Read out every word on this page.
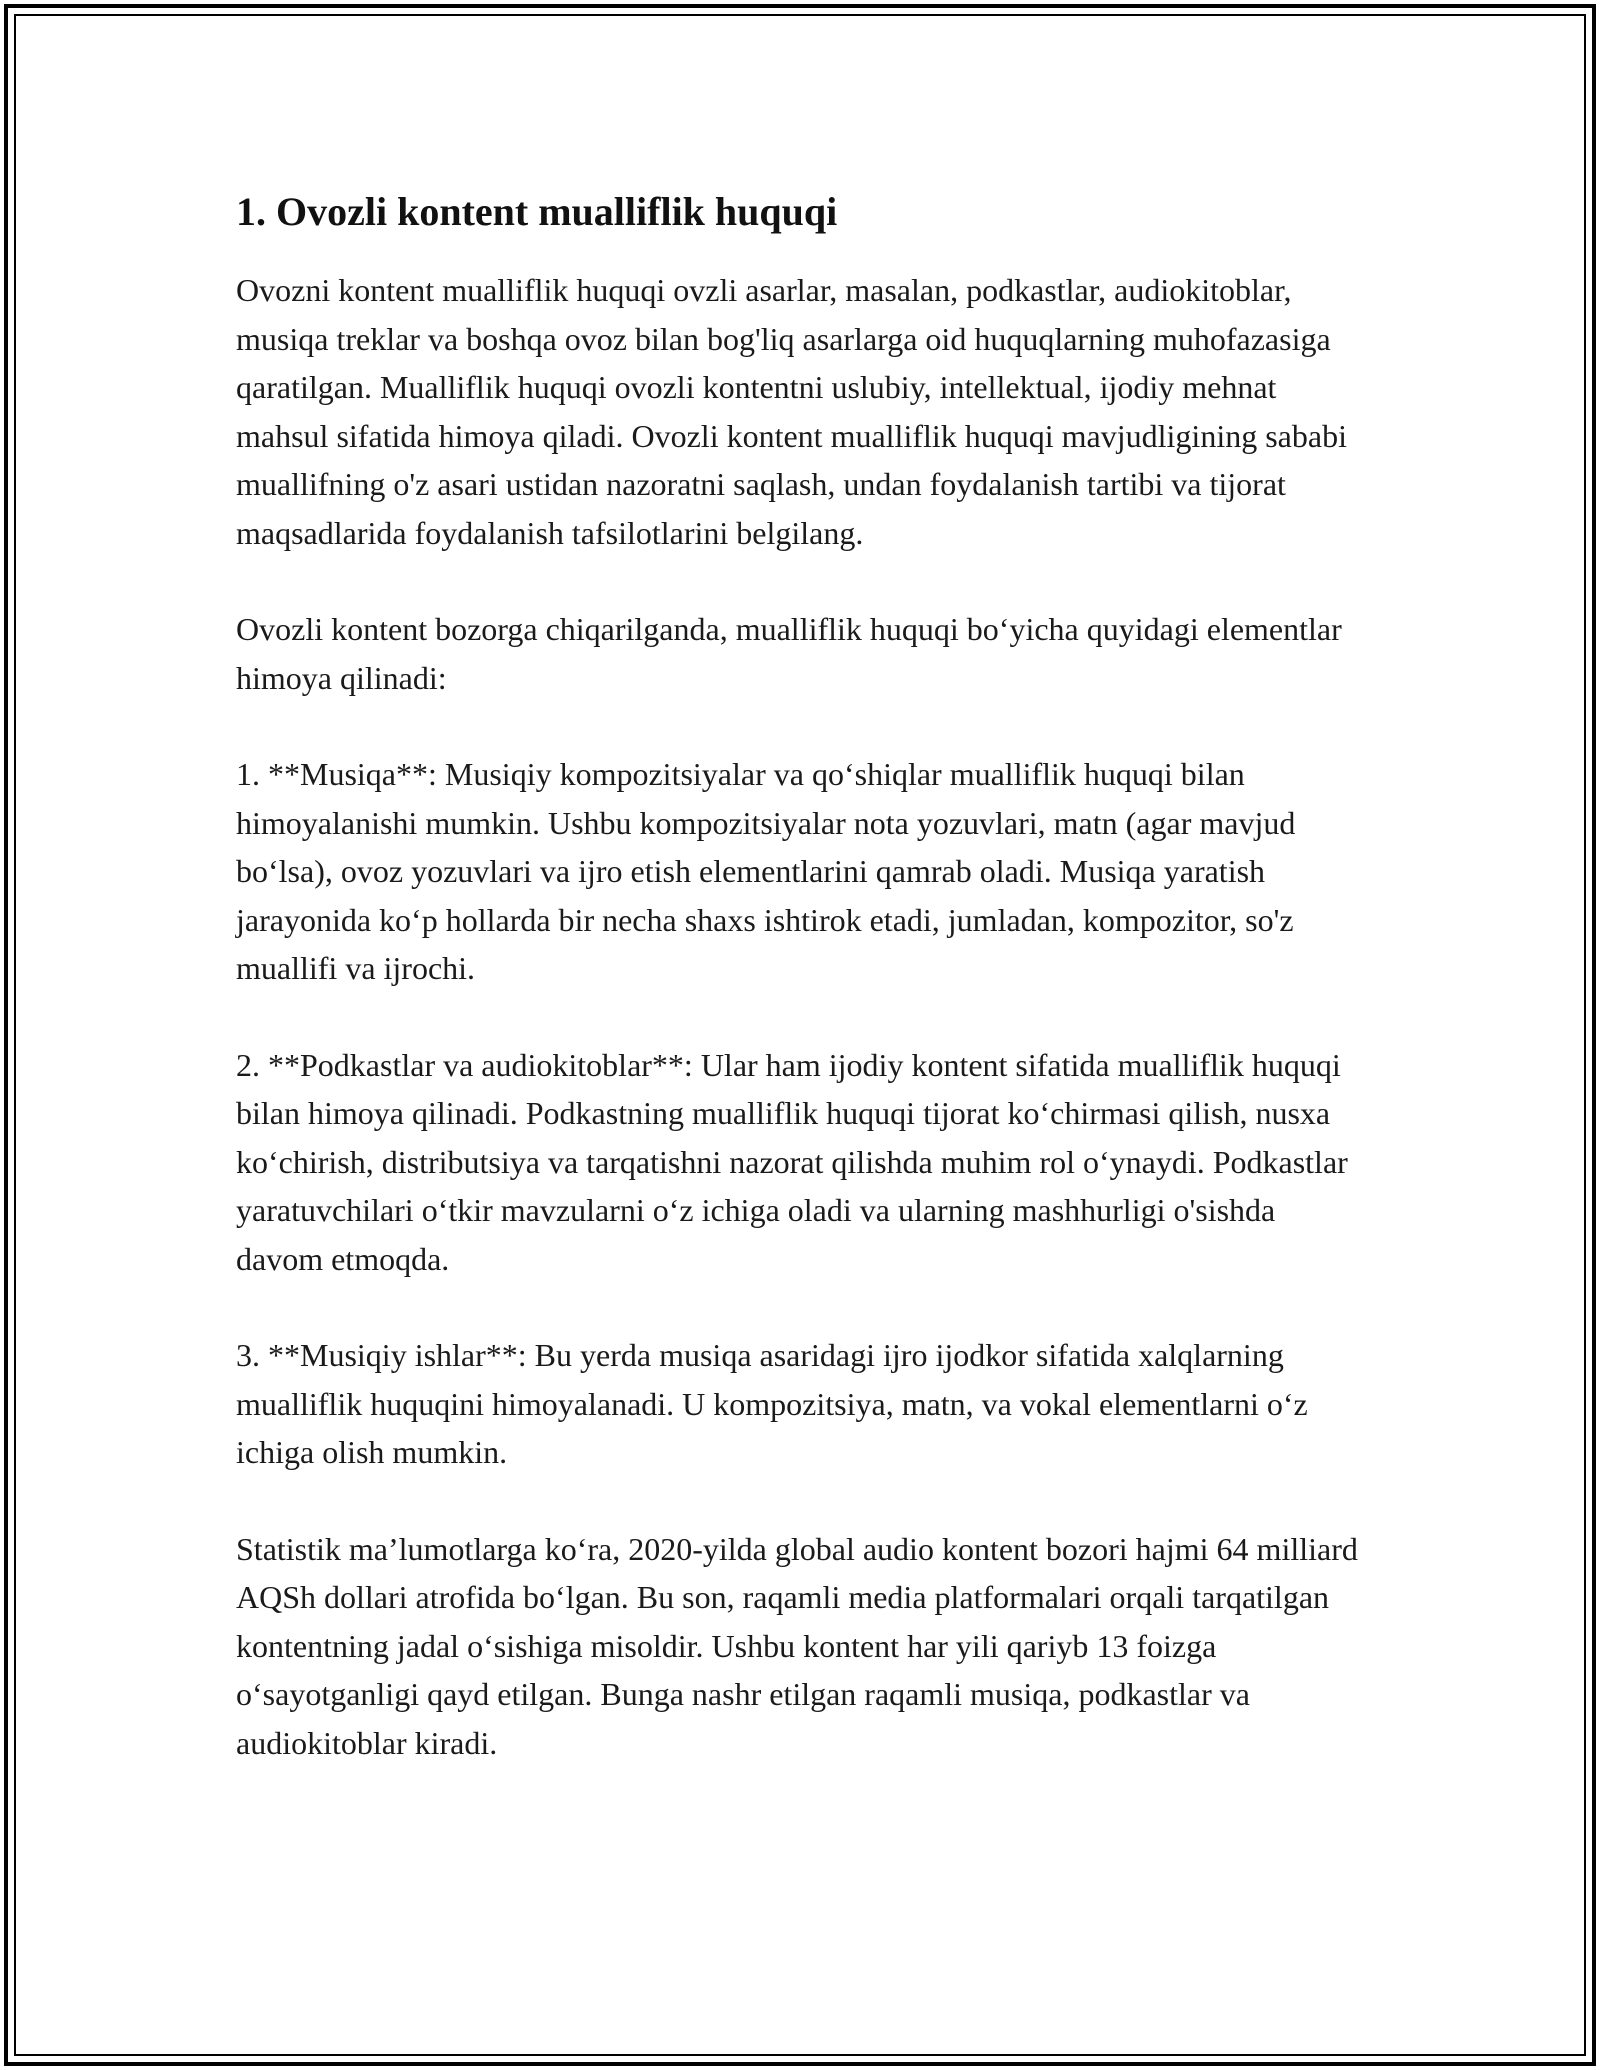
1. Ovozli kontent mualliflik huquqi

Ovozni kontent mualliflik huquqi ovzli asarlar, masalan, podkastlar, audiokitoblar, musiqa treklar va boshqa ovoz bilan bog'liq asarlarga oid huquqlarning muhofazasiga qaratilgan. Mualliflik huquqi ovozli kontentni uslubiy, intellektual, ijodiy mehnat mahsul sifatida himoya qiladi. Ovozli kontent mualliflik huquqi mavjudligining sababi muallifning o'z asari ustidan nazoratni saqlash, undan foydalanish tartibi va tijorat maqsadlarida foydalanish tafsilotlarini belgilang.

Ovozli kontent bozorga chiqarilganda, mualliflik huquqi boʻyicha quyidagi elementlar himoya qilinadi:

1. **Musiqa**: Musiqiy kompozitsiyalar va qoʻshiqlar mualliflik huquqi bilan himoyalanishi mumkin. Ushbu kompozitsiyalar nota yozuvlari, matn (agar mavjud boʻlsa), ovoz yozuvlari va ijro etish elementlarini qamrab oladi. Musiqa yaratish jarayonida koʻp hollarda bir necha shaxs ishtirok etadi, jumladan, kompozitor, so'z muallifi va ijrochi.

2. **Podkastlar va audiokitoblar**: Ular ham ijodiy kontent sifatida mualliflik huquqi bilan himoya qilinadi. Podkastning mualliflik huquqi tijorat koʻchirmasi qilish, nusxa koʻchirish, distributsiya va tarqatishni nazorat qilishda muhim rol oʻynaydi. Podkastlar yaratuvchilari oʻtkir mavzularni oʻz ichiga oladi va ularning mashhurligi o'sishda davom etmoqda.

3. **Musiqiy ishlar**: Bu yerda musiqa asaridagi ijro ijodkor sifatida xalqlarning mualliflik huquqini himoyalanadi. U kompozitsiya, matn, va vokal elementlarni oʻz ichiga olish mumkin.

Statistik maʼlumotlarga koʻra, 2020-yilda global audio kontent bozori hajmi 64 milliard AQSh dollari atrofida boʻlgan. Bu son, raqamli media platformalari orqali tarqatilgan kontentning jadal oʻsishiga misoldir. Ushbu kontent har yili qariyb 13 foizga oʻsayotganligi qayd etilgan. Bunga nashr etilgan raqamli musiqa, podkastlar va audiokitoblar kiradi.
